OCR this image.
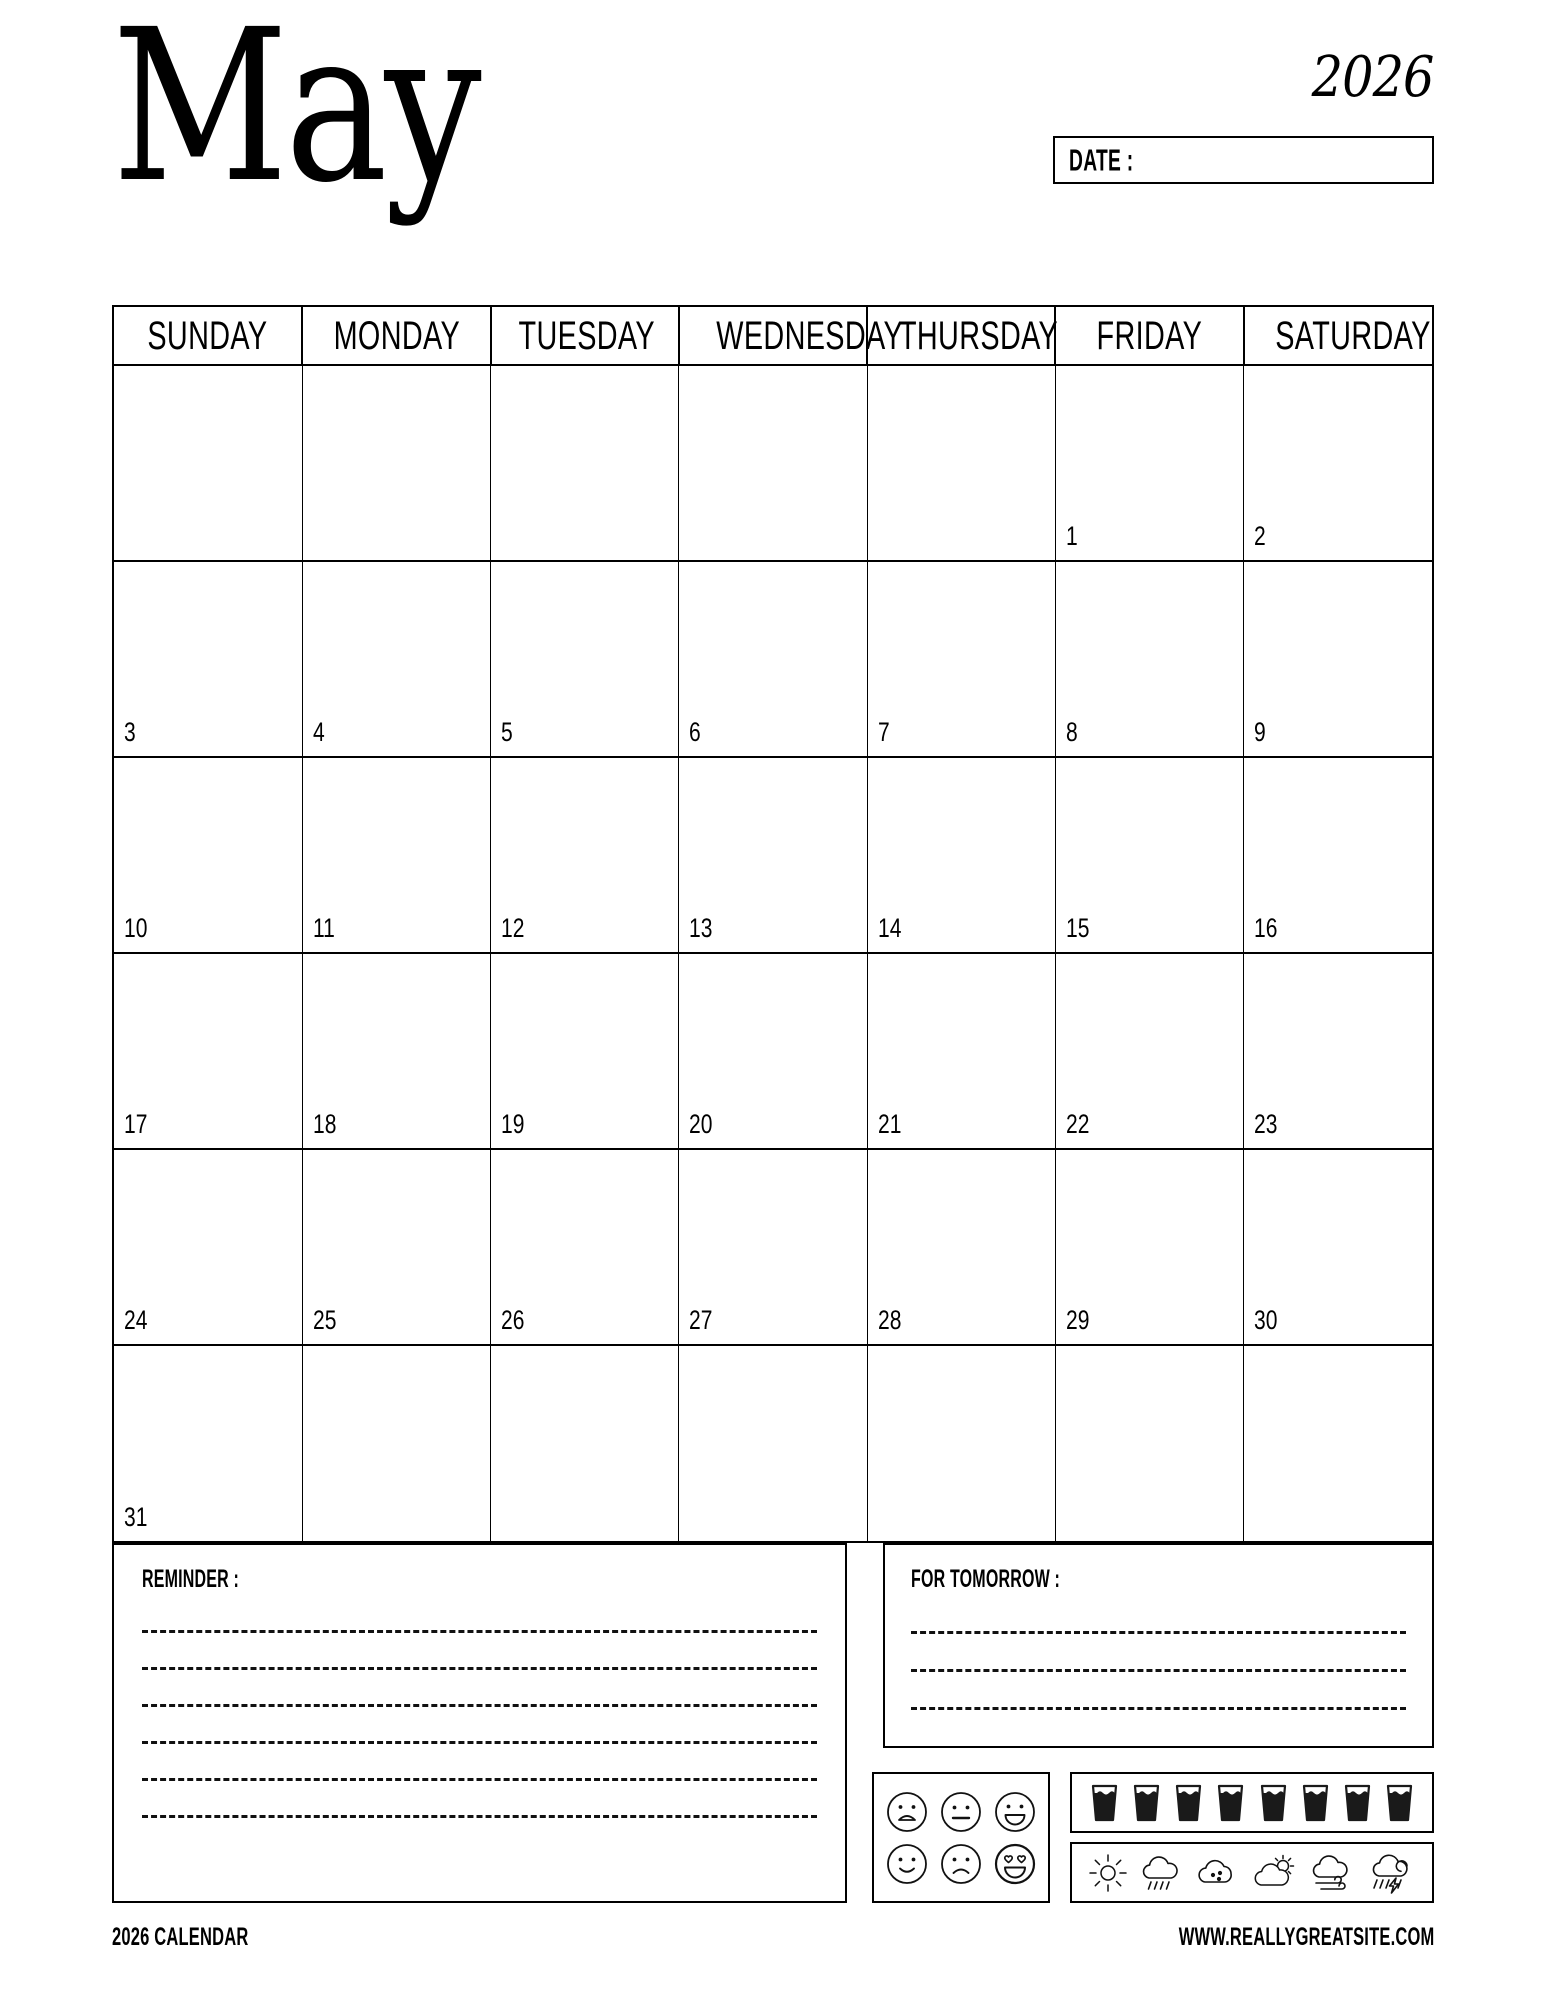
May	2026
DATE :
SUNDAY	MONDAY	TUESDAY	WEDNESDAY	THURSDAY	FRIDAY	SATURDAY
					1	2
3	4	5	6	7	8	9
10	11	12	13	14	15	16
17	18	19	20	21	22	23
24	25	26	27	28	29	30
31						
REMINDER :	FOR TOMORROW :
2026 CALENDAR	WWW.REALLYGREATSITE.COM
